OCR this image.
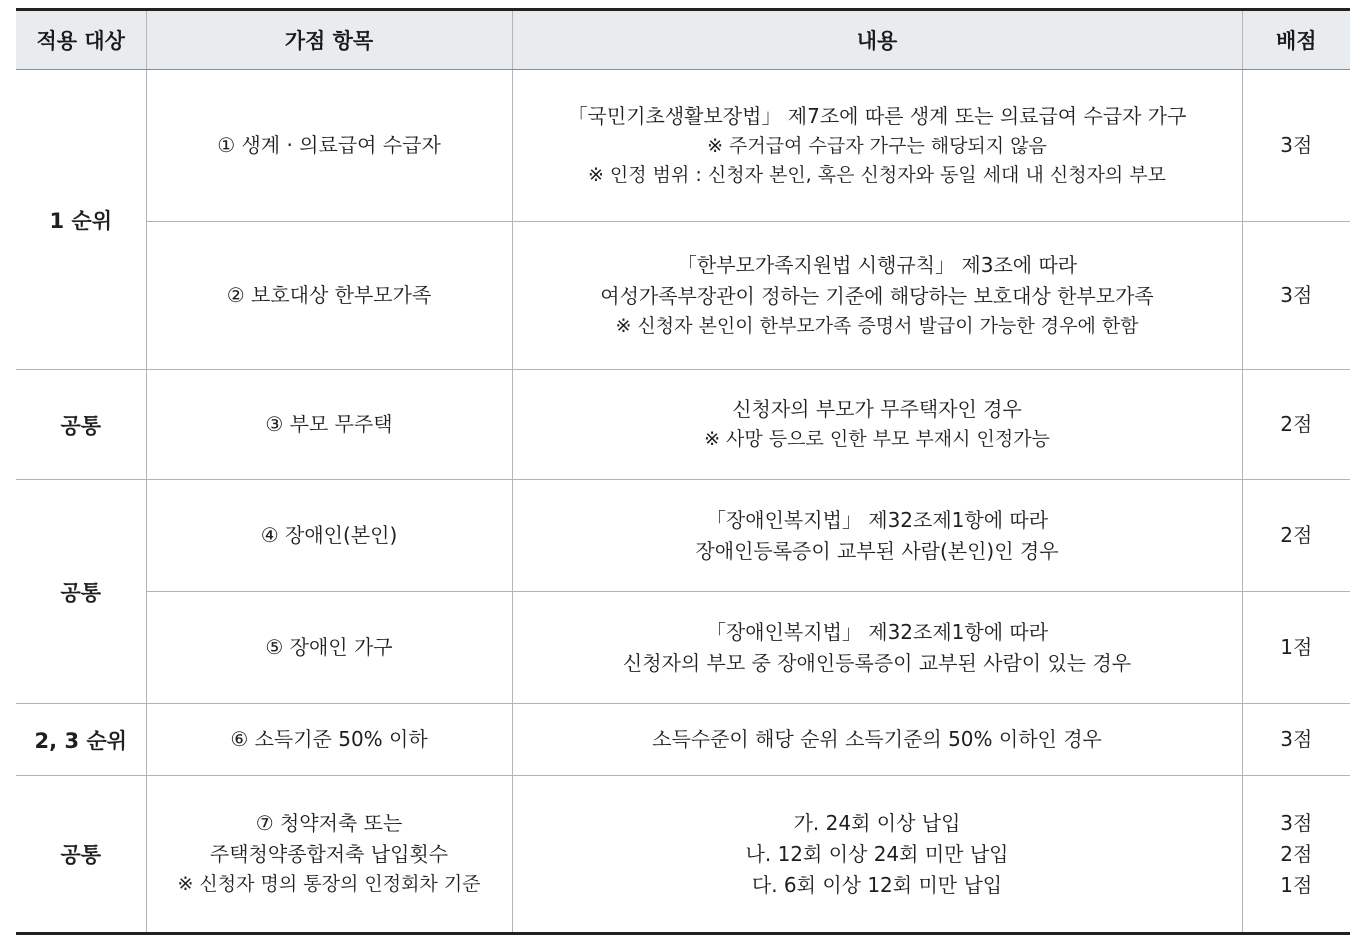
적용 대상	가점 항목	내용	배점
1 순위	① 생계 · 의료급여 수급자	「국민기초생활보장법」 제7조에 따른 생계 또는 의료급여 수급자 가구
※ 주거급여 수급자 가구는 해당되지 않음
※ 인정 범위 : 신청자 본인, 혹은 신청자와 동일 세대 내 신청자의 부모	3점

	② 보호대상 한부모가족	「한부모가족지원법 시행규칙」 제3조에 따라
여성가족부장관이 정하는 기준에 해당하는 보호대상 한부모가족
※ 신청자 본인이 한부모가족 증명서 발급이 가능한 경우에 한함	3점

공통	③ 부모 무주택	신청자의 부모가 무주택자인 경우
※ 사망 등으로 인한 부모 부재시 인정가능	2점

공통	④ 장애인(본인)	「장애인복지법」 제32조제1항에 따라
장애인등록증이 교부된 사람(본인)인 경우	2점

	⑤ 장애인 가구	「장애인복지법」 제32조제1항에 따라
신청자의 부모 중 장애인등록증이 교부된 사람이 있는 경우	1점

2, 3 순위	⑥ 소득기준 50% 이하	소득수준이 해당 순위 소득기준의 50% 이하인 경우	3점

공통	⑦ 청약저축 또는
주택청약종합저축 납입횟수
※ 신청자 명의 통장의 인정회차 기준	가. 24회 이상 납입
나. 12회 이상 24회 미만 납입
다. 6회 이상 12회 미만 납입	3점
2점
1점
